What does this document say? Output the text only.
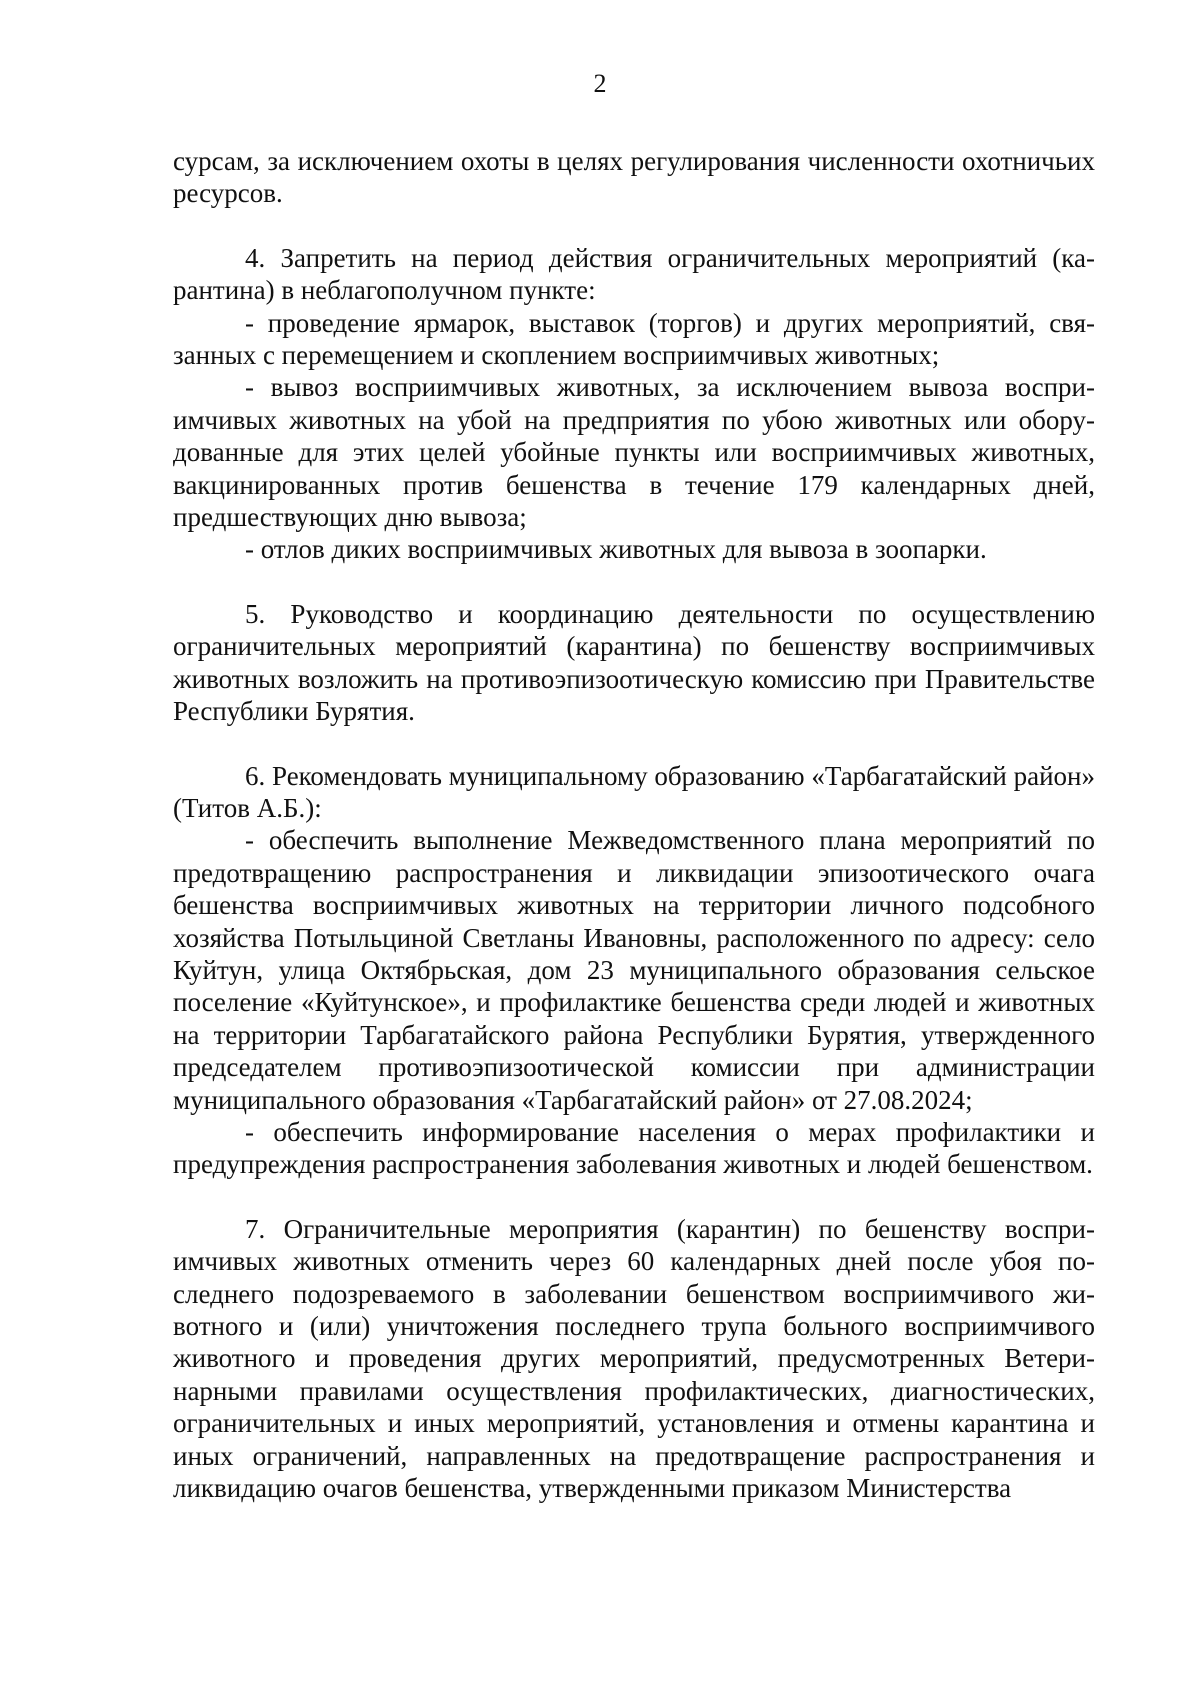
2

сурсам, за исключением охоты в целях регулирования численности охотничьих ресурсов.

4. Запретить на период действия ограничительных мероприятий (карантина) в неблагополучном пункте:

- проведение ярмарок, выставок (торгов) и других мероприятий, связанных с перемещением и скоплением восприимчивых животных;

- вывоз восприимчивых животных, за исключением вывоза восприимчивых животных на убой на предприятия по убою животных или оборудованные для этих целей убойные пункты или восприимчивых животных, вакцинированных против бешенства в течение 179 календарных дней, предшествующих дню вывоза;

- отлов диких восприимчивых животных для вывоза в зоопарки.

5. Руководство и координацию деятельности по осуществлению ограничительных мероприятий (карантина) по бешенству восприимчивых животных возложить на противоэпизоотическую комиссию при Правительстве Республики Бурятия.

6. Рекомендовать муниципальному образованию «Тарбагатайский район» (Титов А.Б.):

- обеспечить выполнение Межведомственного плана мероприятий по предотвращению распространения и ликвидации эпизоотического очага бешенства восприимчивых животных на территории личного подсобного хозяйства Потыльциной Светланы Ивановны, расположенного по адресу: село Куйтун, улица Октябрьская, дом 23 муниципального образования сельское поселение «Куйтунское», и профилактике бешенства среди людей и животных на территории Тарбагатайского района Республики Бурятия, утвержденного председателем противоэпизоотической комиссии при администрации муниципального образования «Тарбагатайский район» от 27.08.2024;

- обеспечить информирование населения о мерах профилактики и предупреждения распространения заболевания животных и людей бешенством.

7. Ограничительные мероприятия (карантин) по бешенству восприимчивых животных отменить через 60 календарных дней после убоя последнего подозреваемого в заболевании бешенством восприимчивого животного и (или) уничтожения последнего трупа больного восприимчивого животного и проведения других мероприятий, предусмотренных Ветеринарными правилами осуществления профилактических, диагностических, ограничительных и иных мероприятий, установления и отмены карантина и иных ограничений, направленных на предотвращение распространения и ликвидацию очагов бешенства, утвержденными приказом Министерства
